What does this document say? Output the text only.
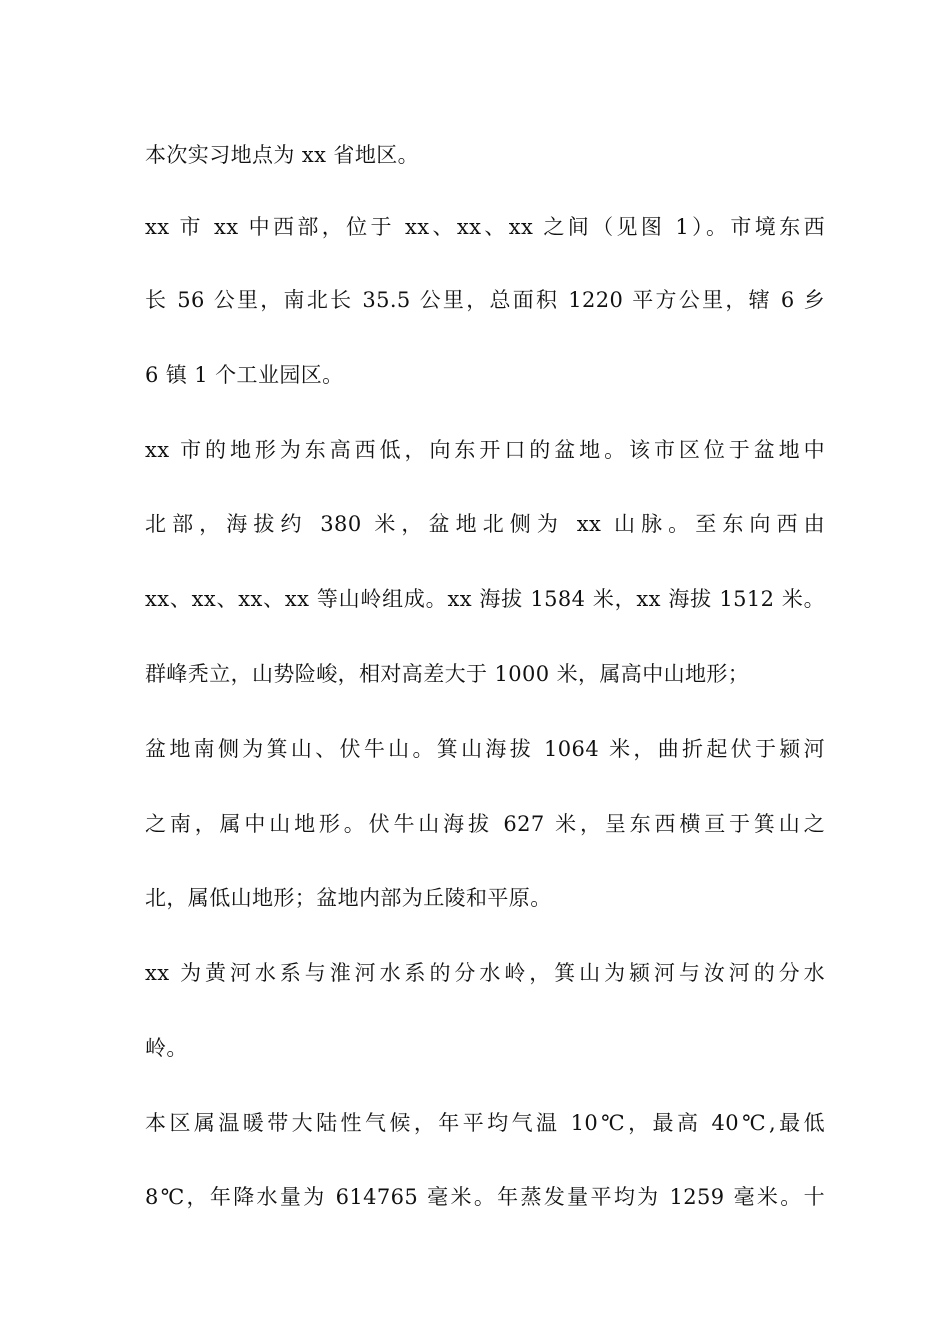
本次实习地点为 xx 省地区。
xx 市 xx 中西部，位于 xx、xx、xx 之间（见图 1）。市境东西
长 56 公里，南北长 35.5 公里，总面积 1220 平方公里，辖 6 乡
6 镇 1 个工业园区。
xx 市的地形为东高西低，向东开口的盆地。该市区位于盆地中
北部，海拔约 380 米，盆地北侧为 xx 山脉。至东向西由
xx、xx、xx、xx 等山岭组成。xx 海拔 1584 米，xx 海拔 1512 米。
群峰秃立，山势险峻，相对高差大于 1000 米，属高中山地形；
盆地南侧为箕山、伏牛山。箕山海拔 1064 米，曲折起伏于颍河
之南，属中山地形。伏牛山海拔 627 米，呈东西横亘于箕山之
北，属低山地形；盆地内部为丘陵和平原。
xx 为黄河水系与淮河水系的分水岭，箕山为颍河与汝河的分水
岭。
本区属温暖带大陆性气候，年平均气温 10℃，最高 40℃,最低
8℃，年降水量为 614765 毫米。年蒸发量平均为 1259 毫米。十
